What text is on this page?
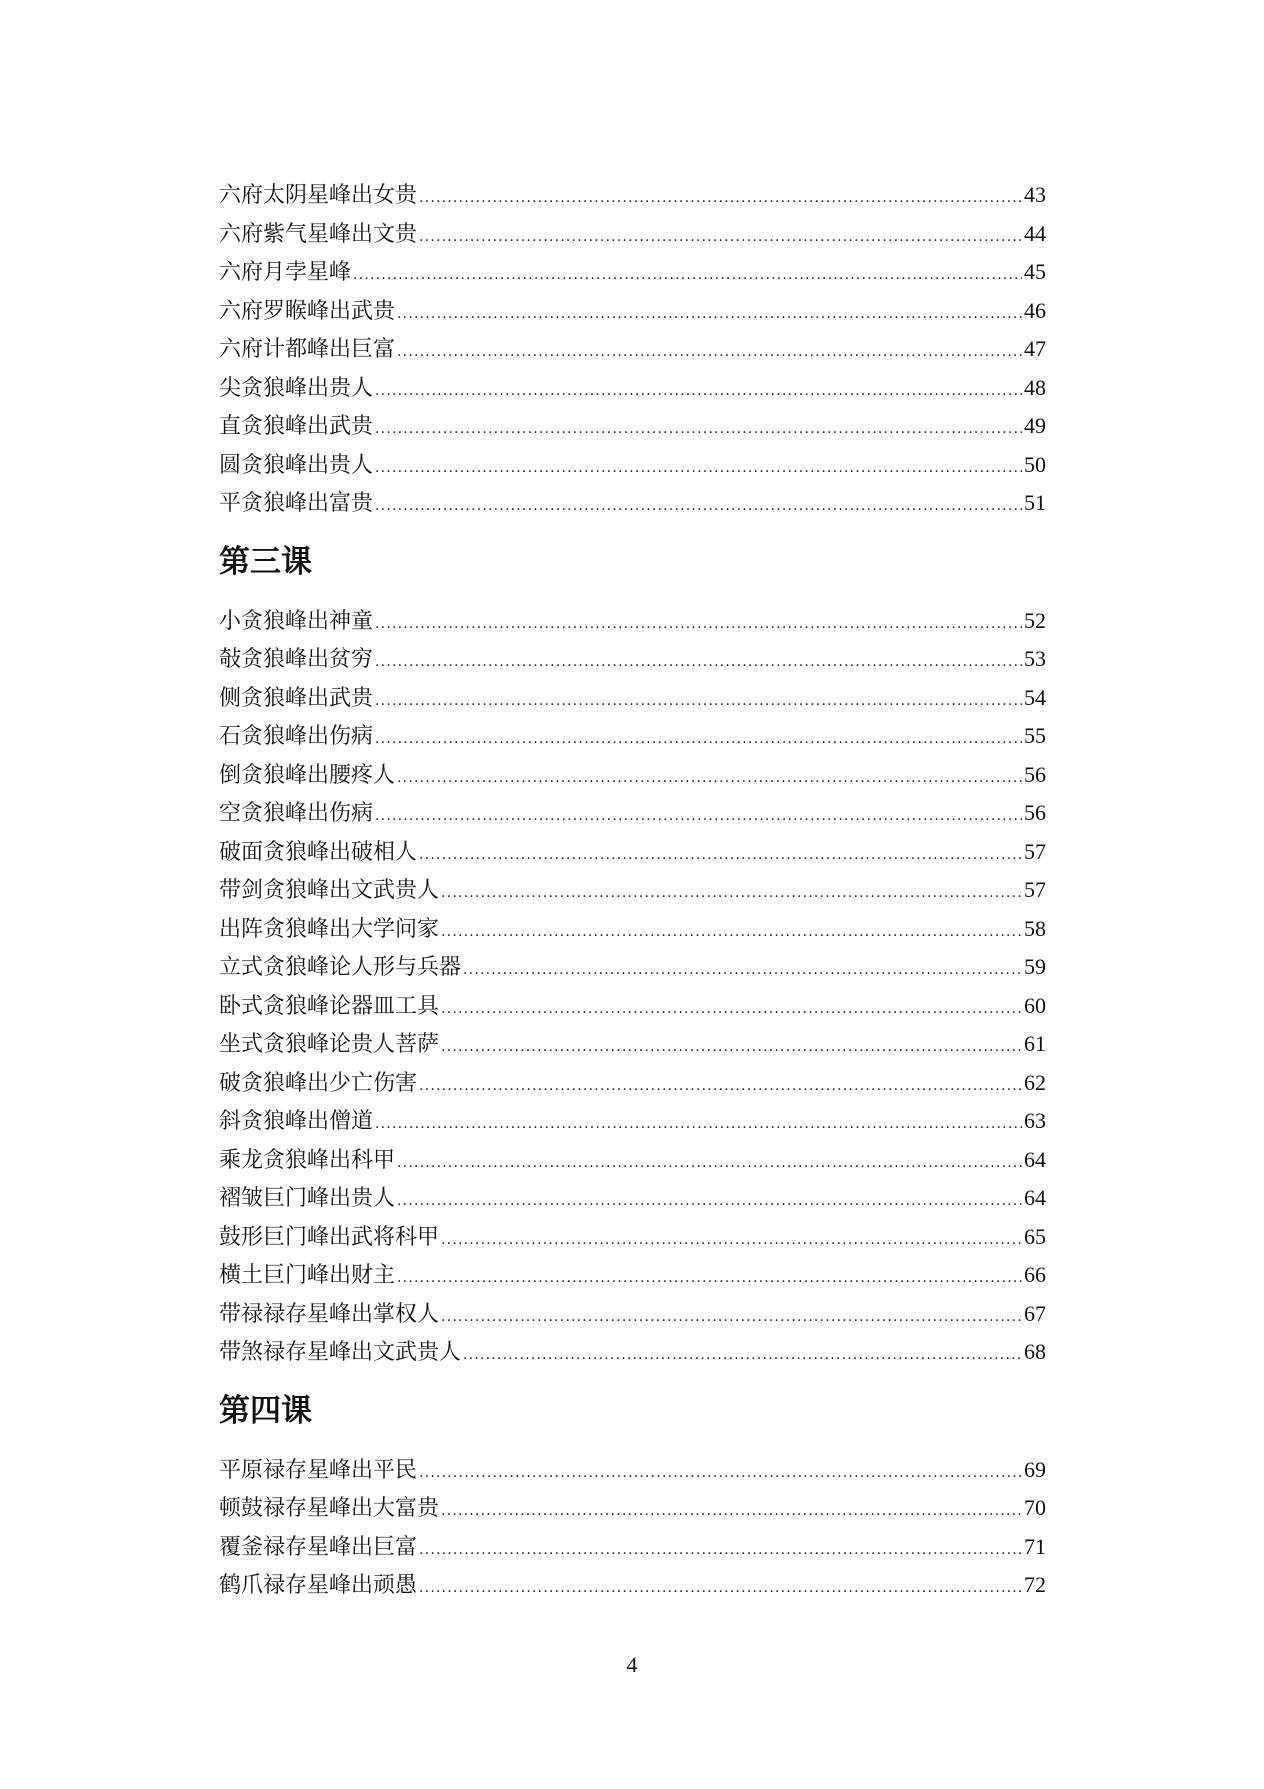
六府太阴星峰出女贵 .....	43
六府紫气星峰出文贵 .....	44
六府月孛星峰 .....	45
六府罗睺峰出武贵 .....	46
六府计都峰出巨富 .....	47
尖贪狼峰出贵人 .....	48
直贪狼峰出武贵 .....	49
圆贪狼峰出贵人 .....	50
平贪狼峰出富贵 .....	51
第三课
小贪狼峰出神童 .....	52
敧贪狼峰出贫穷 .....	53
侧贪狼峰出武贵 .....	54
石贪狼峰出伤病 .....	55
倒贪狼峰出腰疼人 .....	56
空贪狼峰出伤病 .....	56
破面贪狼峰出破相人 .....	57
带剑贪狼峰出文武贵人 .....	57
出阵贪狼峰出大学问家 .....	58
立式贪狼峰论人形与兵器 .....	59
卧式贪狼峰论器皿工具 .....	60
坐式贪狼峰论贵人菩萨 .....	61
破贪狼峰出少亡伤害 .....	62
斜贪狼峰出僧道 .....	63
乘龙贪狼峰出科甲 .....	64
褶皱巨门峰出贵人 .....	64
鼓形巨门峰出武将科甲 .....	65
横土巨门峰出财主 .....	66
带禄禄存星峰出掌权人 .....	67
带煞禄存星峰出文武贵人 .....	68
第四课
平原禄存星峰出平民 .....	69
顿鼓禄存星峰出大富贵 .....	70
覆釜禄存星峰出巨富 .....	71
鹤爪禄存星峰出顽愚 .....	72
4
